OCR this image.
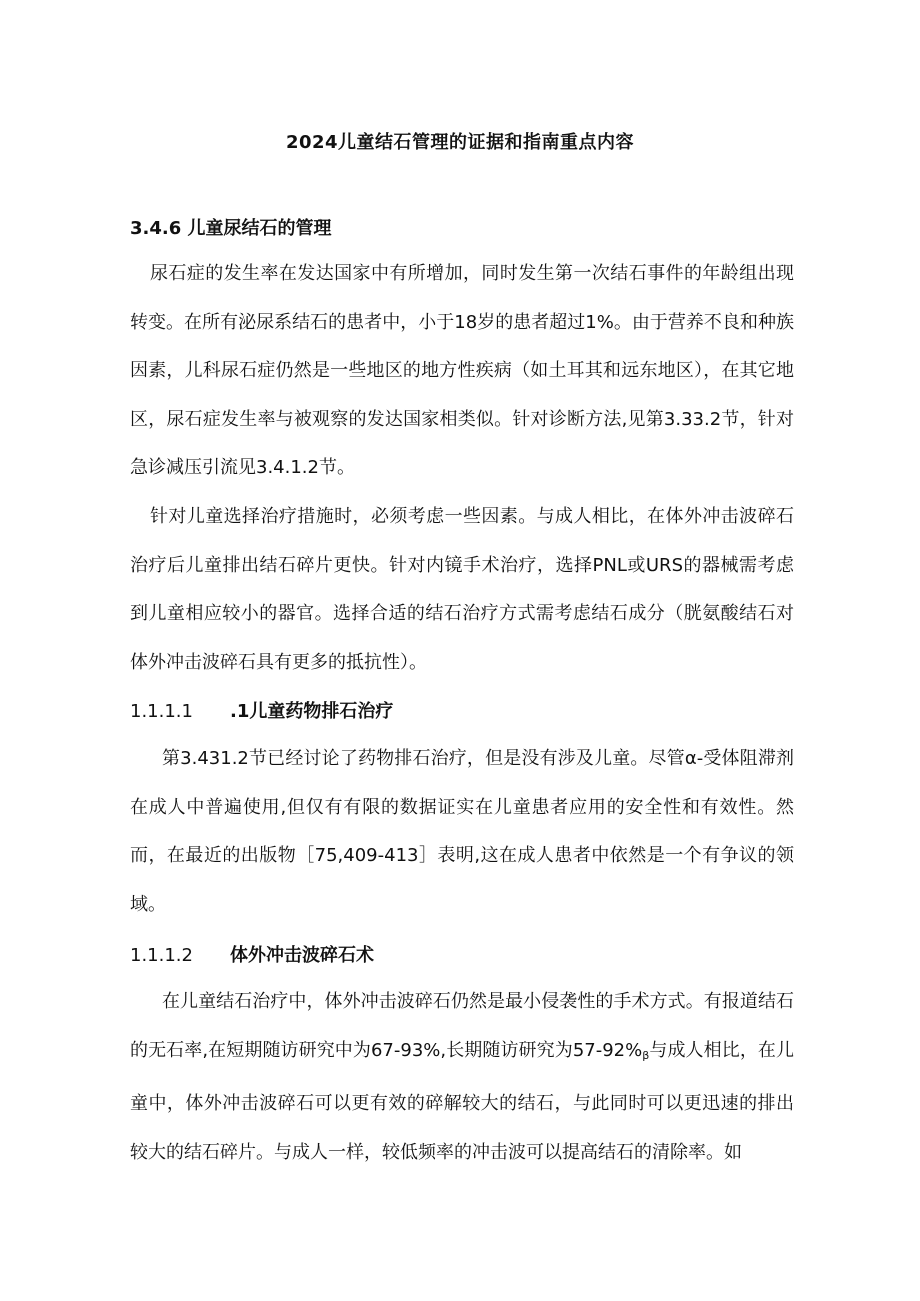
2024儿童结石管理的证据和指南重点内容
3.4.6 儿童尿结石的管理

尿石症的发生率在发达国家中有所增加，同时发生第一次结石事件的年龄组出现转变。在所有泌尿系结石的患者中，小于18岁的患者超过1%。由于营养不良和种族因素，儿科尿石症仍然是一些地区的地方性疾病（如土耳其和远东地区），在其它地区，尿石症发生率与被观察的发达国家相类似。针对诊断方法,见第3.33.2节，针对急诊减压引流见3.4.1.2节。

针对儿童选择治疗措施时，必须考虑一些因素。与成人相比，在体外冲击波碎石治疗后儿童排出结石碎片更快。针对内镜手术治疗，选择PNL或URS的器械需考虑到儿童相应较小的器官。选择合适的结石治疗方式需考虑结石成分（胱氨酸结石对体外冲击波碎石具有更多的抵抗性）。

1.1.1.1	.1儿童药物排石治疗

第3.431.2节已经讨论了药物排石治疗，但是没有涉及儿童。尽管α-受体阻滞剂在成人中普遍使用,但仅有有限的数据证实在儿童患者应用的安全性和有效性。然而，在最近的出版物［75,409-413］表明,这在成人患者中依然是一个有争议的领域。

1.1.1.2	体外冲击波碎石术

在儿童结石治疗中，体外冲击波碎石仍然是最小侵袭性的手术方式。有报道结石的无石率,在短期随访研究中为67-93%,长期随访研究为$57-92\%_\beta$与成人相比，在儿童中，体外冲击波碎石可以更有效的碎解较大的结石，与此同时可以更迅速的排出较大的结石碎片。与成人一样，较低频率的冲击波可以提高结石的清除率。如
